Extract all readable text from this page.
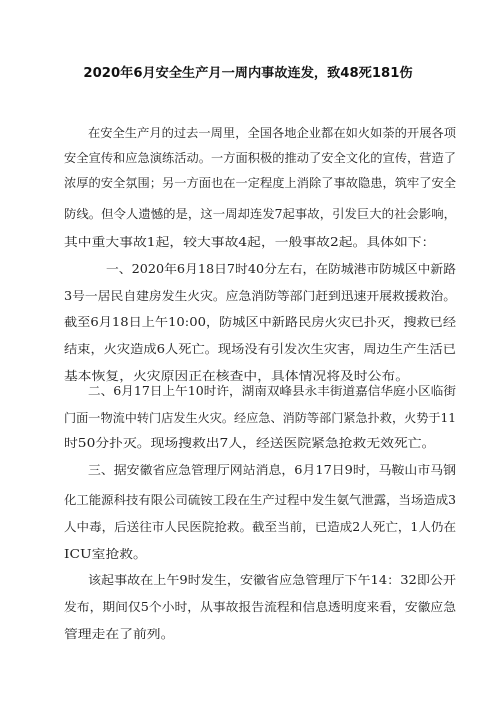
2020年6月安全生产月一周内事故连发，致48死181伤
在安全生产月的过去一周里，全国各地企业都在如火如荼的开展各项
安全宣传和应急演练活动。一方面积极的推动了安全文化的宣传，营造了
浓厚的安全氛围；另一方面也在一定程度上消除了事故隐患，筑牢了安全
防线。但令人遗憾的是，这一周却连发7起事故，引发巨大的社会影响，
其中重大事故1起，较大事故4起，一般事故2起。具体如下：
一、2020年6月18日7时40分左右，在防城港市防城区中新路
3号一居民自建房发生火灾。应急消防等部门赶到迅速开展救援救治。
截至6月18日上午10:00，防城区中新路民房火灾已扑灭，搜救已经
结束，火灾造成6人死亡。现场没有引发次生灾害，周边生产生活已
基本恢复，火灾原因正在核查中，具体情况将及时公布。
二、6月17日上午10时许，湖南双峰县永丰街道嘉信华庭小区临街
门面一物流中转门店发生火灾。经应急、消防等部门紧急扑救，火势于11
时50分扑灭。现场搜救出7人，经送医院紧急抢救无效死亡。
三、据安徽省应急管理厅网站消息，6月17日9时，马鞍山市马钢
化工能源科技有限公司硫铵工段在生产过程中发生氨气泄露，当场造成3
人中毒，后送往市人民医院抢救。截至当前，已造成2人死亡，1人仍在
ICU室抢救。
该起事故在上午9时发生，安徽省应急管理厅下午14：32即公开
发布，期间仅5个小时，从事故报告流程和信息透明度来看，安徽应急
管理走在了前列。
